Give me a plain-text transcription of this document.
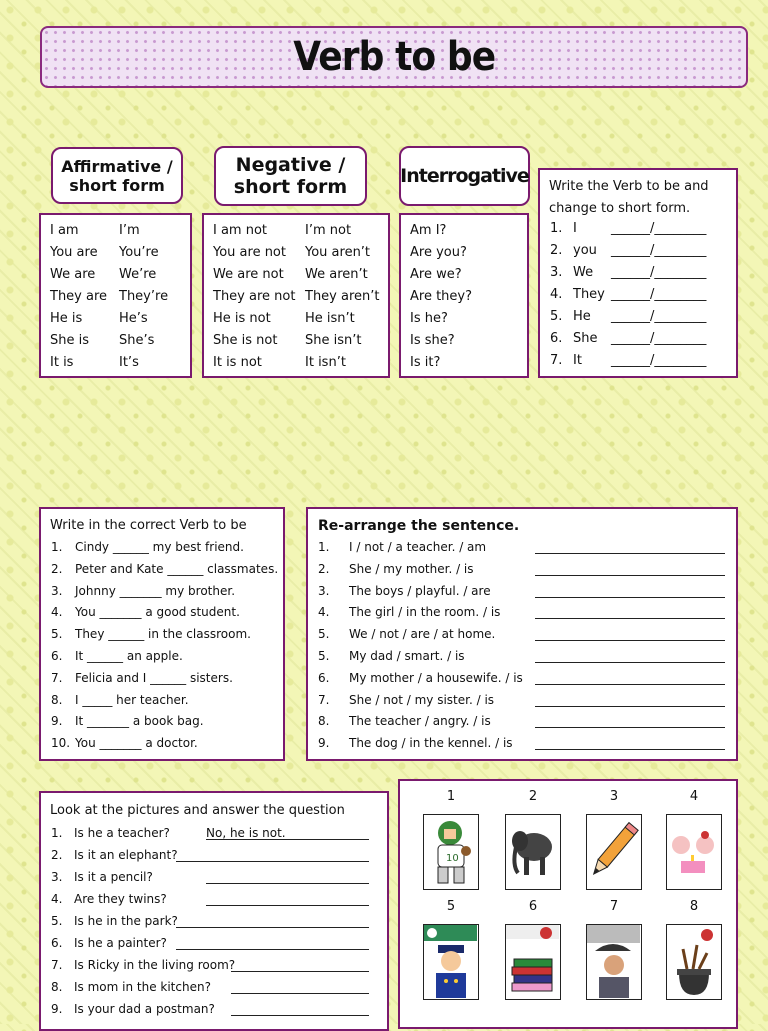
Verb to be
Affirmative / short form
Negative / short form	Interrogative
I am	I’m
You are You’re
We are We’re
They are They’re
He is	He’s
She is She’s
It is	It’s
I am not	I’m not
You are not You aren’t
We are not We aren’t
They are not They aren’t
He is not	He isn’t
She is not She isn’t
It is not	It isn’t
Am I?
Are you?
Are we?
Are they?
Is he?
Is she?
Is it?
Write the Verb to be and change to short form.
1. I	______/________
2. you ______/________
3. We ______/________
4. They ______/________
5. He ______/________
6. She ______/________
7. It ______/________
Write in the correct Verb to be
1. Cindy ______ my best friend.
2. Peter and Kate ______ classmates.
3. Johnny _______ my brother.
4. You _______ a good student.
5. They ______ in the classroom.
6. It ______ an apple.
7. Felicia and I ______ sisters.
8. I _____ her teacher.
9. It _______ a book bag.
10. You _______ a doctor.
Re-arrange the sentence.
1. I / not / a teacher. / am
2. She / my mother. / is
3. The boys / playful. / are
4. The girl / in the room. / is
5. We / not / are / at home.
5. My dad / smart. / is
6. My mother / a housewife. / is
7. She / not / my sister. / is
8. The teacher / angry. / is
9. The dog / in the kennel. / is
Look at the pictures and answer the question
1. Is he a teacher?	No, he is not.
2. Is it an elephant?
3. Is it a pencil?
4. Are they twins?
5. Is he in the park?
6. Is he a painter?
7. Is Ricky in the living room?
8. Is mom in the kitchen?
9. Is your dad a postman?
1
10
2	3	4
5	6	7	8
